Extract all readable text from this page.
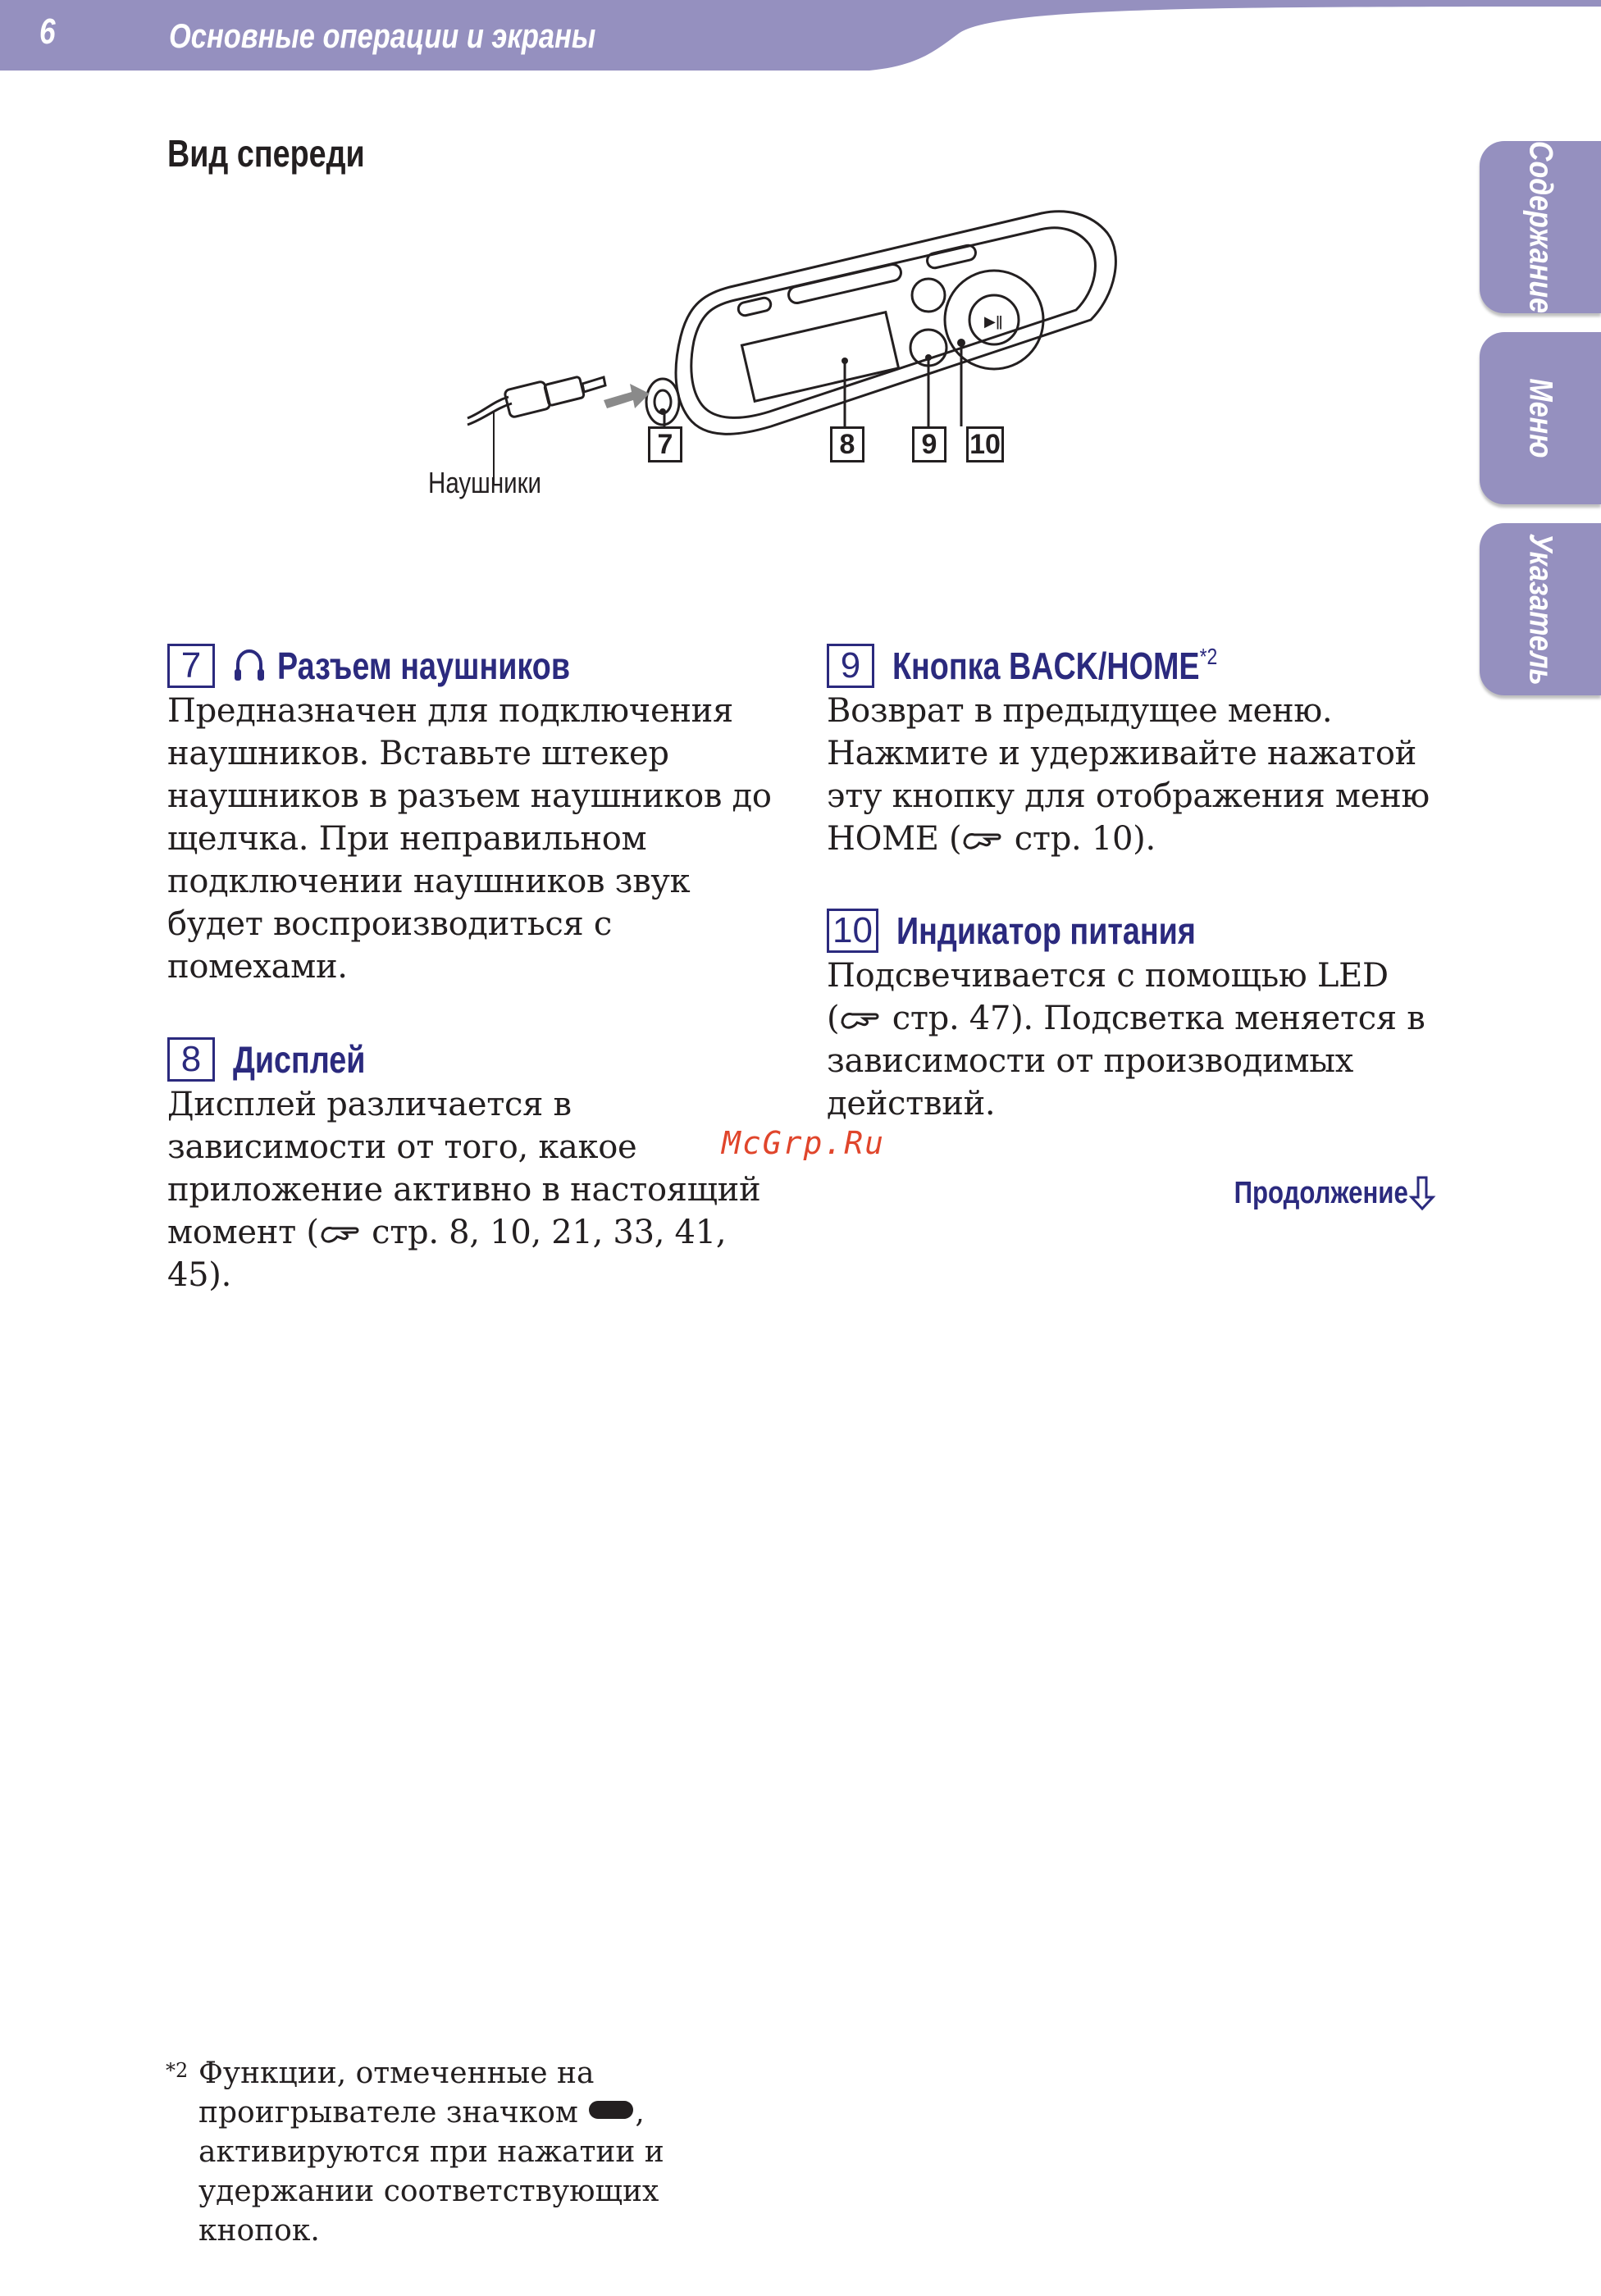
6	Основные операции и экраны
Содержание
Меню
Указатель
Вид спереди
▶ǁ
7	8	9	10
Наушники
7	Разъем наушников
Предназначен для подключения наушников. Вставьте штекер наушников в разъем наушников до щелчка. При неправильном подключении наушников звук будет воспроизводиться с помехами.
8 Дисплей
Дисплей различается в зависимости от того, какое приложение активно в настоящий момент ( стр. 8, 10, 21, 33, 41, 45).
9 Кнопка BACK/HOME$^{*2}$
Возврат в предыдущее меню. Нажмите и удерживайте нажатой эту кнопку для отображения меню HOME ( стр. 10).
10 Индикатор питания
Подсвечивается с помощью LED
( стр. 47). Подсветка меняется в зависимости от производимых действий.
McGrp.Ru
Продолжение
*2 Функции, отмеченные на проигрывателе значком , активируются при нажатии и удержании соответствующих кнопок.
